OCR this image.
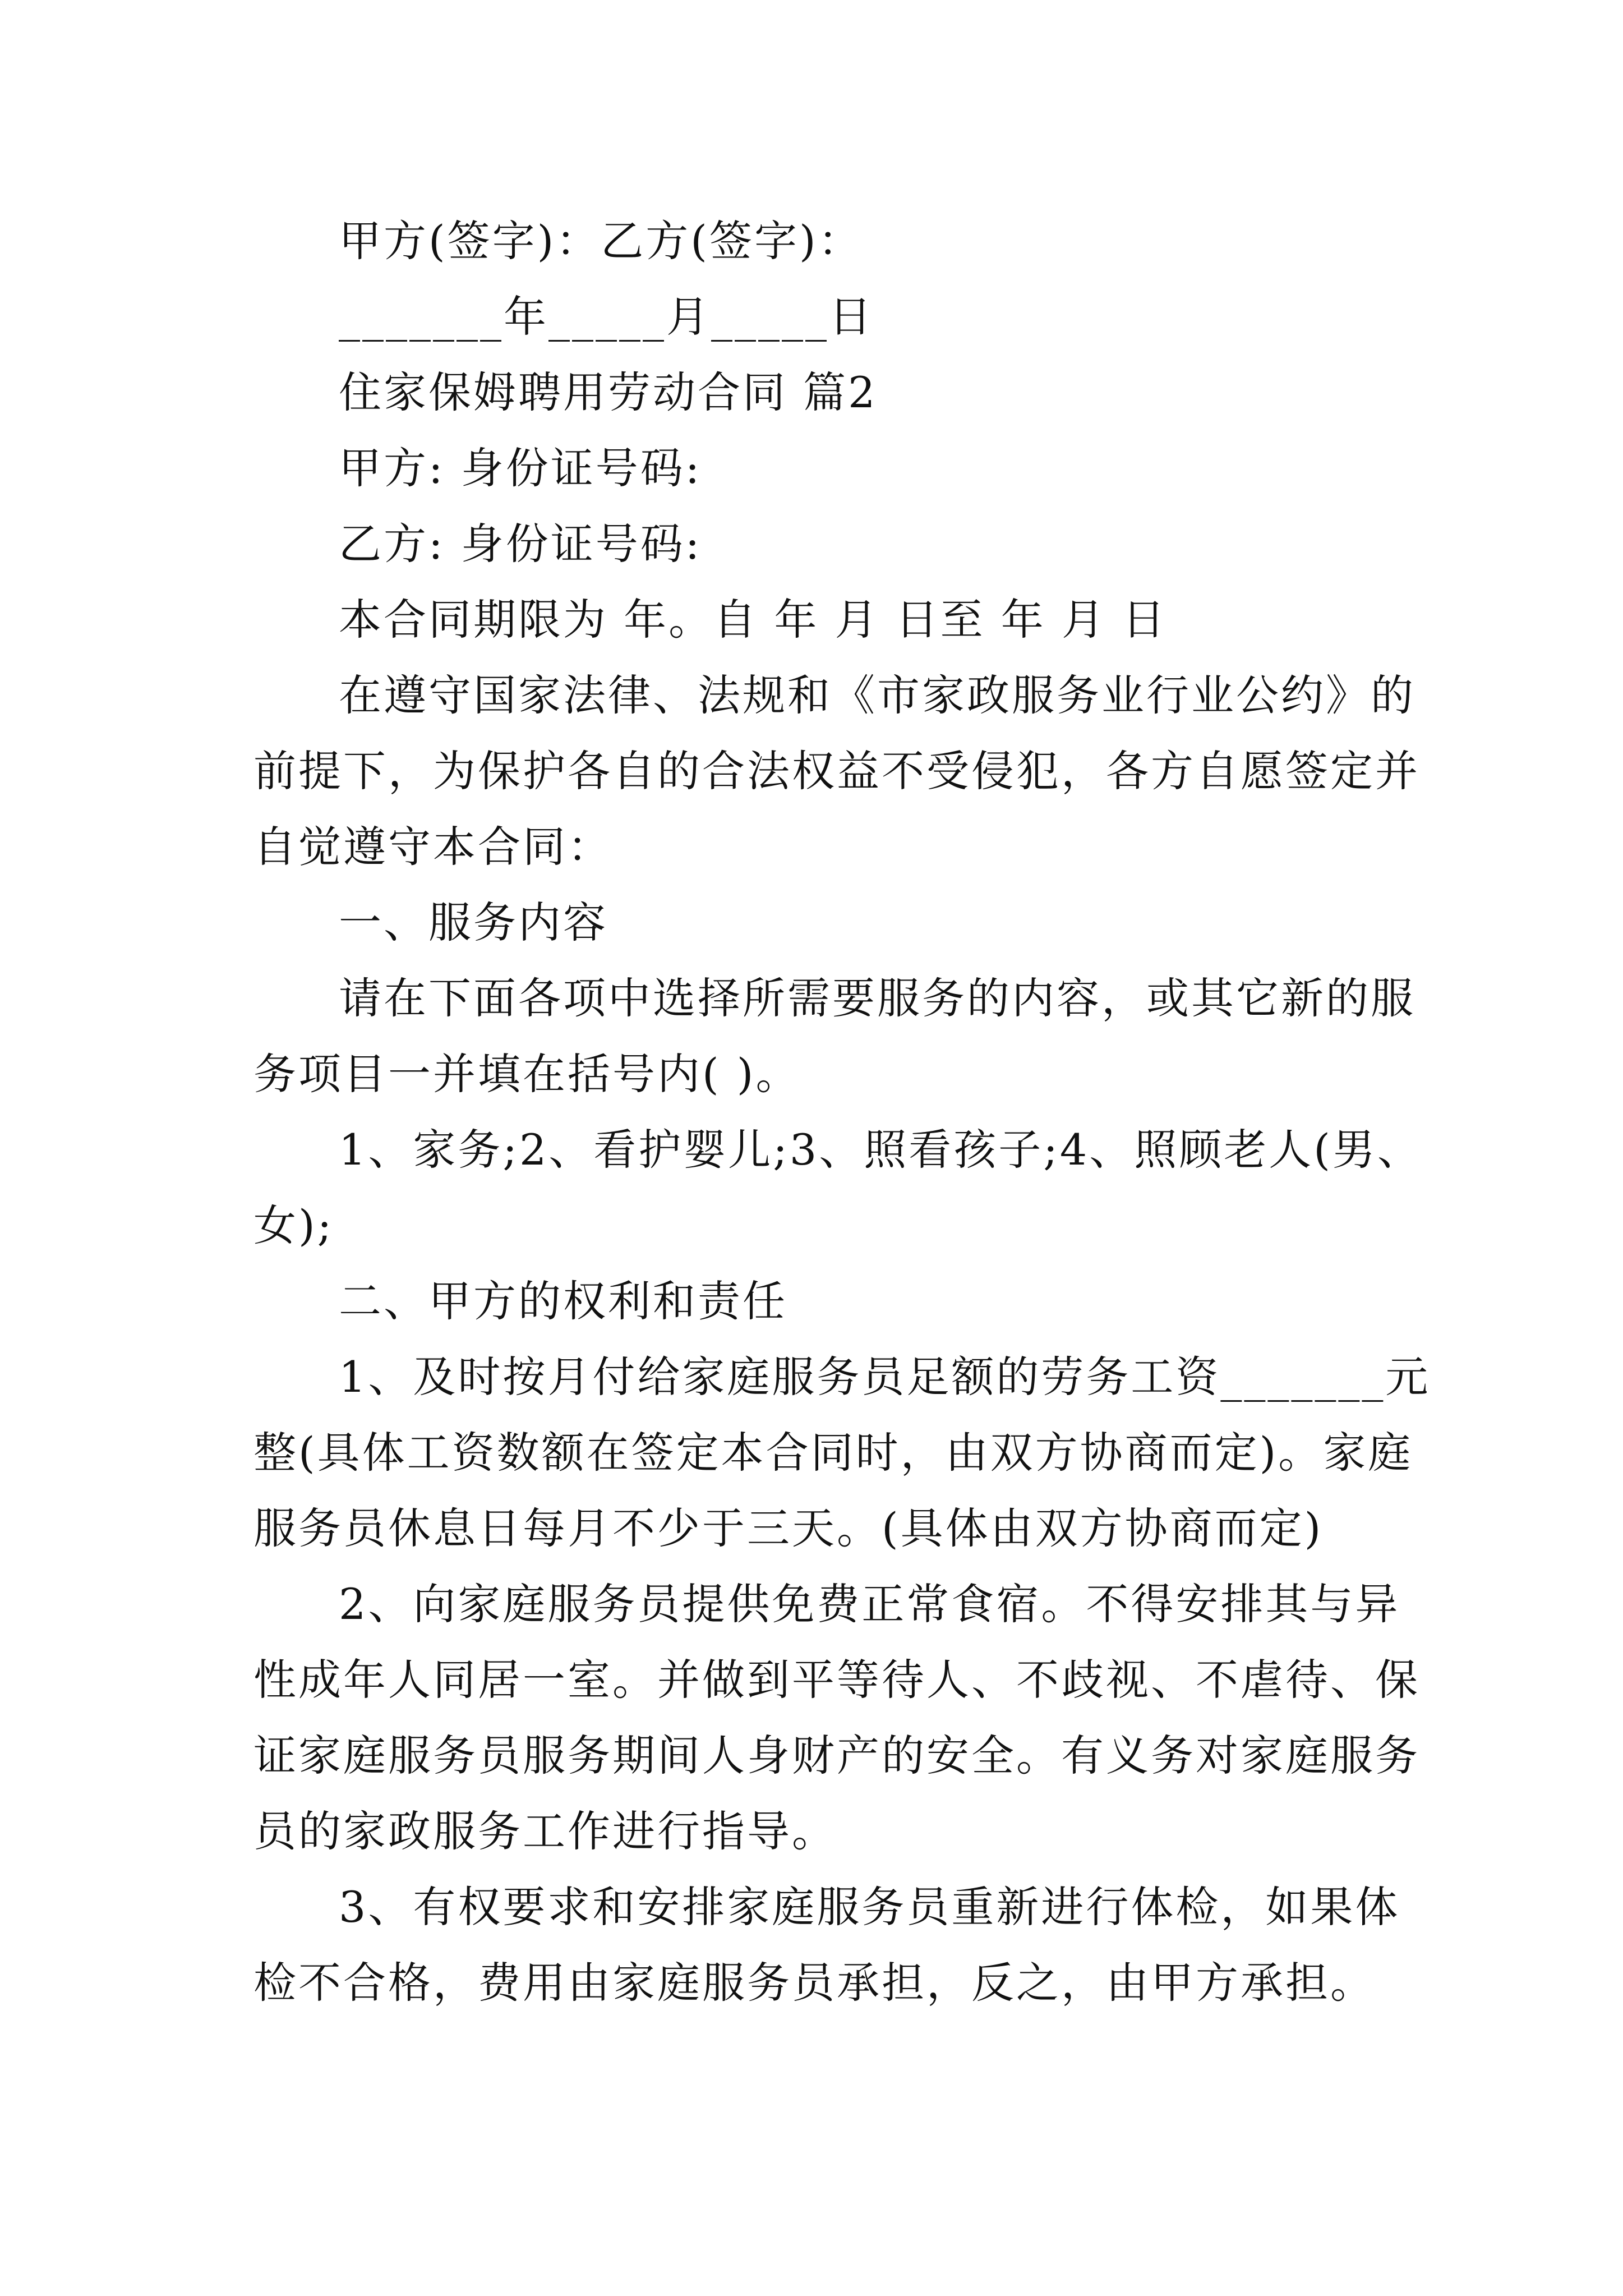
甲方(签字)：乙方(签字)：
_______年_____月_____日
住家保姆聘用劳动合同 篇2
甲方: 身份证号码:
乙方: 身份证号码:
本合同期限为 年。自 年 月 日至 年 月 日
在遵守国家法律、法规和《市家政服务业行业公约》的
前提下，为保护各自的合法权益不受侵犯，各方自愿签定并
自觉遵守本合同：
一、服务内容
请在下面各项中选择所需要服务的内容，或其它新的服
务项目一并填在括号内( )。
1、家务;2、看护婴儿;3、照看孩子;4、照顾老人(男、
女);
二、甲方的权利和责任
1、及时按月付给家庭服务员足额的劳务工资_______元
整(具体工资数额在签定本合同时，由双方协商而定)。家庭
服务员休息日每月不少于三天。(具体由双方协商而定)
2、向家庭服务员提供免费正常食宿。不得安排其与异
性成年人同居一室。并做到平等待人、不歧视、不虐待、保
证家庭服务员服务期间人身财产的安全。有义务对家庭服务
员的家政服务工作进行指导。
3、有权要求和安排家庭服务员重新进行体检，如果体
检不合格，费用由家庭服务员承担，反之，由甲方承担。
